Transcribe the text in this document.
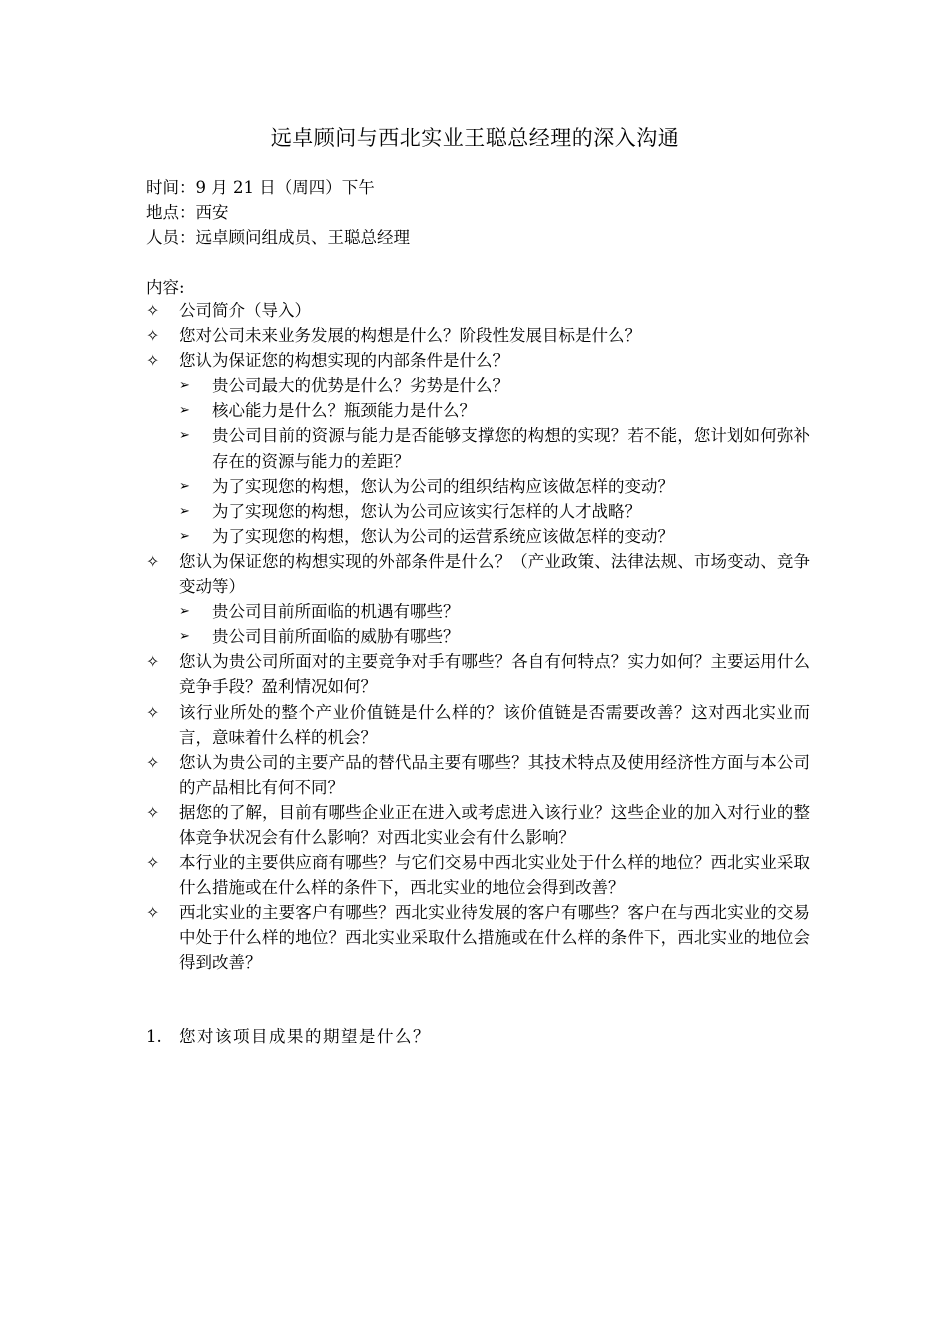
远卓顾问与西北实业王聪总经理的深入沟通
时间：9 月 21 日（周四）下午
地点：西安
人员：远卓顾问组成员、王聪总经理
内容:
✧	公司简介（导入）
✧	您对公司未来业务发展的构想是什么？阶段性发展目标是什么？
✧	您认为保证您的构想实现的内部条件是什么？
➢	贵公司最大的优势是什么？劣势是什么？
➢	核心能力是什么？瓶颈能力是什么？
➢	贵公司目前的资源与能力是否能够支撑您的构想的实现？若不能，您计划如何弥补存在的资源与能力的差距？
➢	为了实现您的构想，您认为公司的组织结构应该做怎样的变动？
➢	为了实现您的构想，您认为公司应该实行怎样的人才战略？
➢	为了实现您的构想，您认为公司的运营系统应该做怎样的变动？
✧	您认为保证您的构想实现的外部条件是什么？（产业政策、法律法规、市场变动、竞争变动等）
➢	贵公司目前所面临的机遇有哪些？
➢	贵公司目前所面临的威胁有哪些？
✧	您认为贵公司所面对的主要竞争对手有哪些？各自有何特点？实力如何？主要运用什么竞争手段？盈利情况如何？
✧	该行业所处的整个产业价值链是什么样的？该价值链是否需要改善？这对西北实业而言，意味着什么样的机会？
✧	您认为贵公司的主要产品的替代品主要有哪些？其技术特点及使用经济性方面与本公司的产品相比有何不同？
✧	据您的了解，目前有哪些企业正在进入或考虑进入该行业？这些企业的加入对行业的整体竞争状况会有什么影响？对西北实业会有什么影响？
✧	本行业的主要供应商有哪些？与它们交易中西北实业处于什么样的地位？西北实业采取什么措施或在什么样的条件下，西北实业的地位会得到改善？
✧	西北实业的主要客户有哪些？西北实业待发展的客户有哪些？客户在与西北实业的交易中处于什么样的地位？西北实业采取什么措施或在什么样的条件下，西北实业的地位会得到改善？
1. 您对该项目成果的期望是什么？
